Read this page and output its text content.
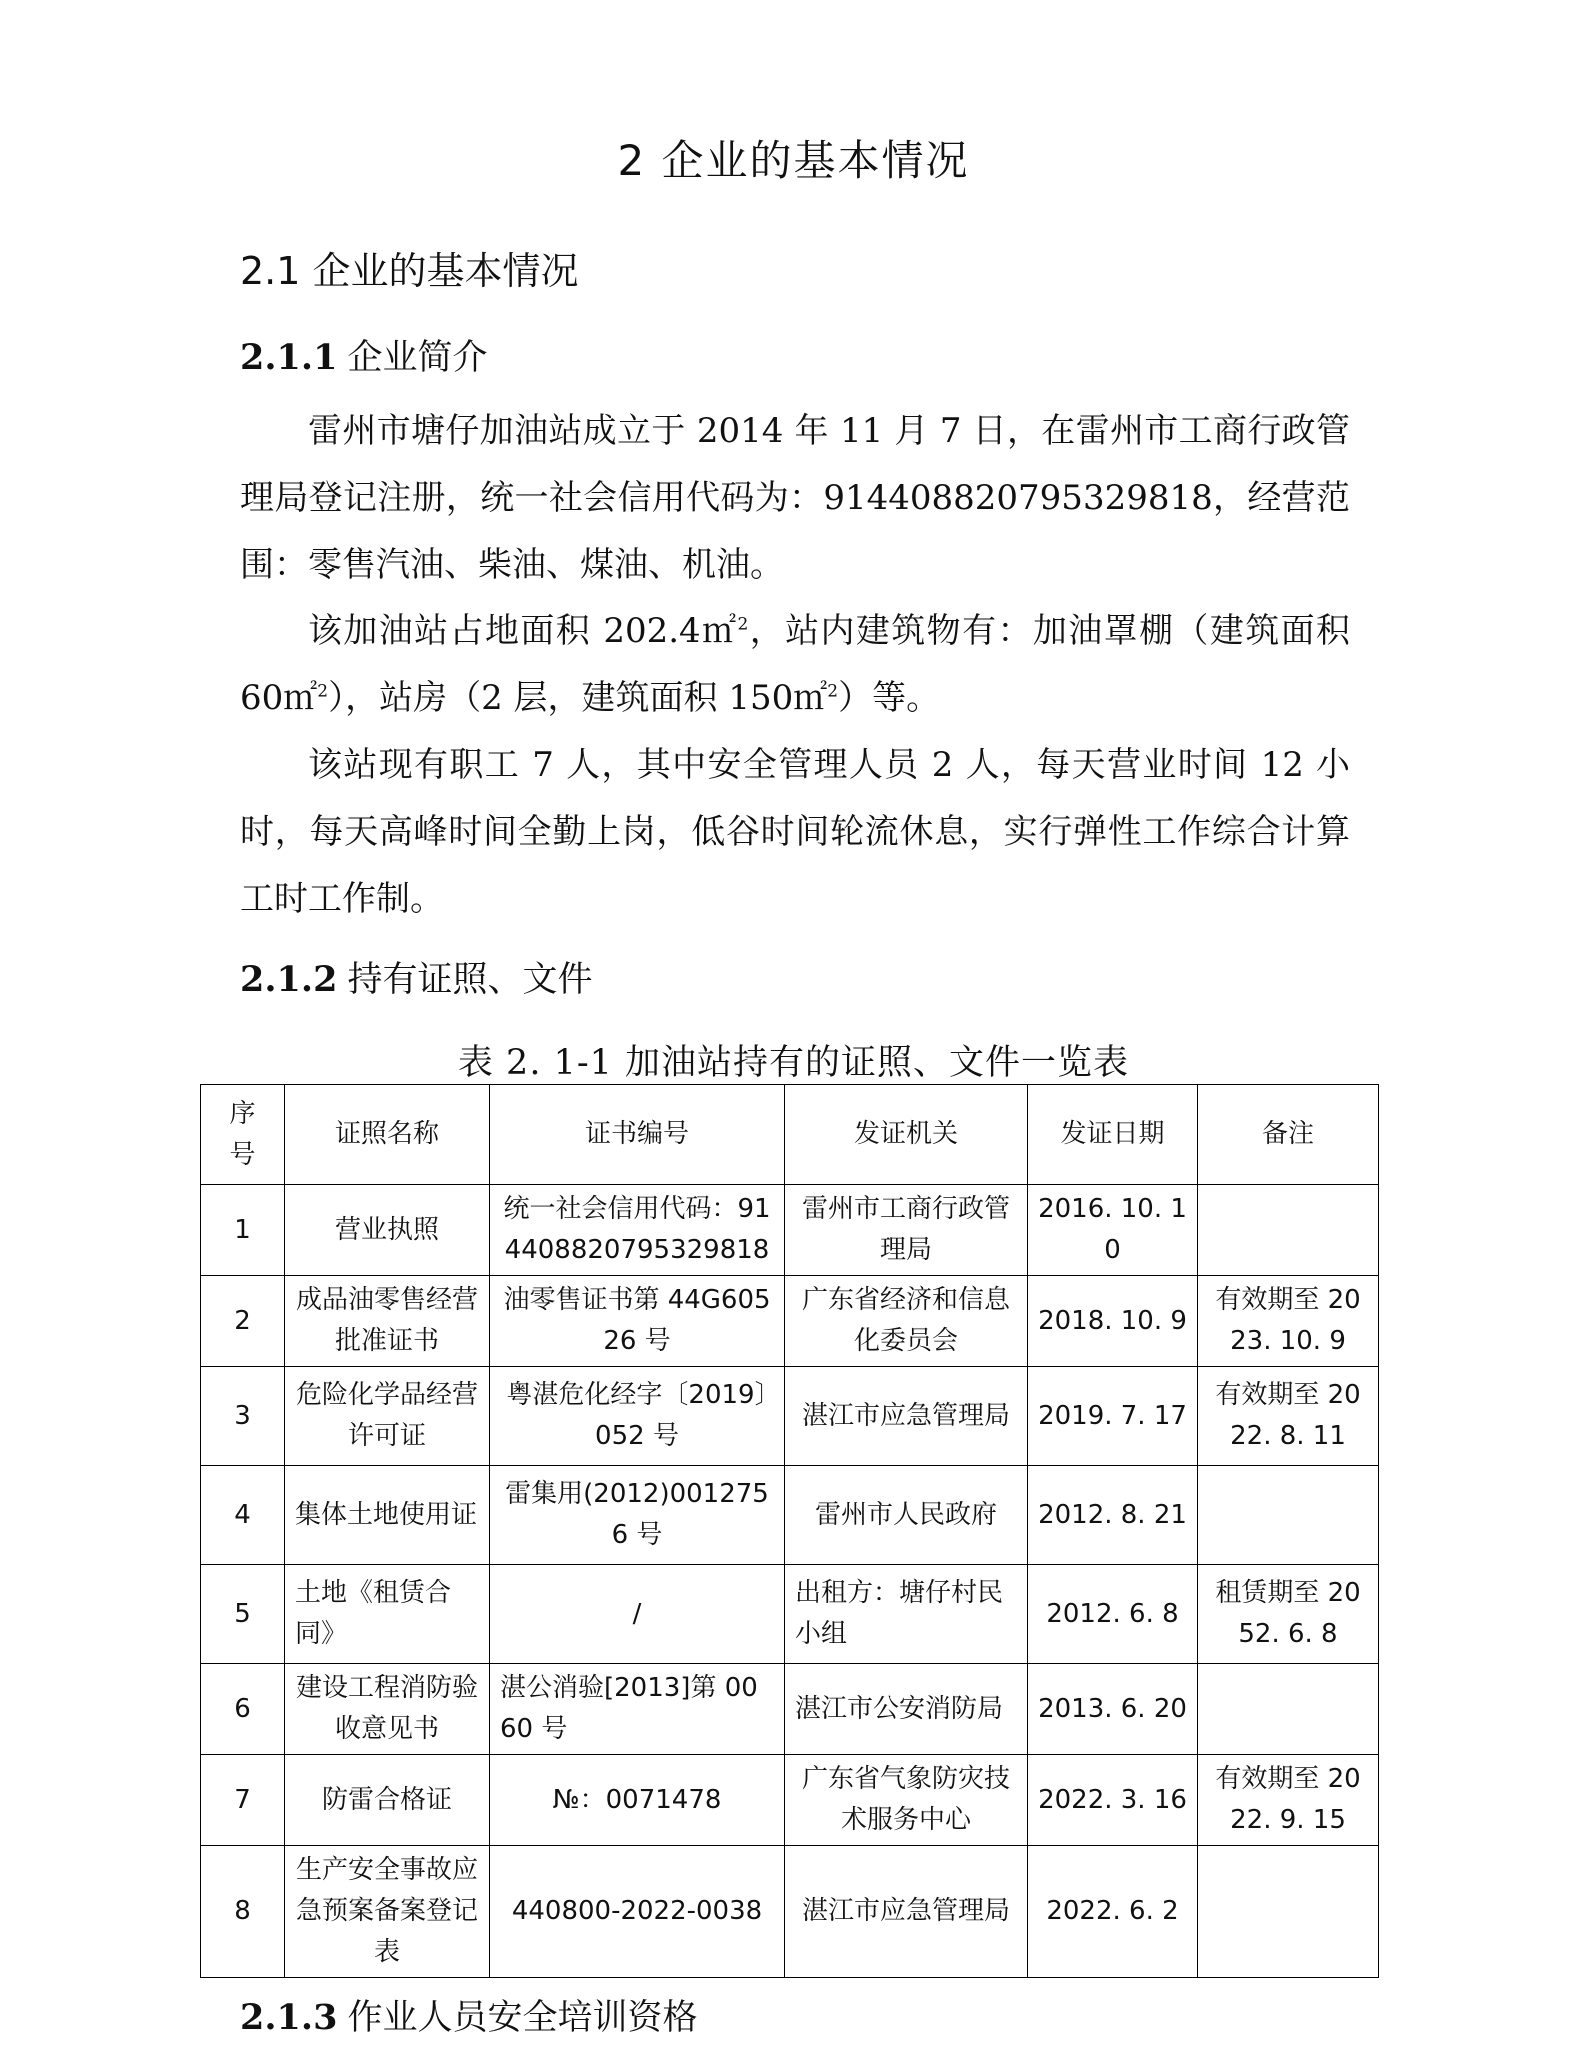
2 企业的基本情况
2.1 企业的基本情况
2.1.1 企业简介

雷州市塘仔加油站成立于 2014 年 11 月 7 日，在雷州市工商行政管理局登记注册，统一社会信用代码为：914408820795329818，经营范围：零售汽油、柴油、煤油、机油。

该加油站占地面积 202.4㎡$^2$，站内建筑物有：加油罩棚（建筑面积 60㎡$^2$），站房（2 层，建筑面积 150㎡$^2$）等。

该站现有职工 7 人，其中安全管理人员 2 人，每天营业时间 12 小时，每天高峰时间全勤上岗，低谷时间轮流休息，实行弹性工作综合计算工时工作制。

2.1.2 持有证照、文件
表 2. 1-1 加油站持有的证照、文件一览表
序号	证照名称	证书编号	发证机关	发证日期	备注
1	营业执照	统一社会信用代码：914408820795329818	雷州市工商行政管理局	2016. 10. 10	
2	成品油零售经营批准证书	油零售证书第 44G60526 号	广东省经济和信息化委员会	2018. 10. 9	有效期至 2023. 10. 9
3	危险化学品经营许可证	粤湛危化经字〔2019〕052 号	湛江市应急管理局	2019. 7. 17	有效期至 2022. 8. 11
4	集体土地使用证	雷集用(2012)0012756 号	雷州市人民政府	2012. 8. 21	
5	土地《租赁合同》	/	出租方：塘仔村民小组	2012. 6. 8	租赁期至 2052. 6. 8
6	建设工程消防验收意见书	湛公消验[2013]第 0060 号	湛江市公安消防局	2013. 6. 20	
7	防雷合格证	№：0071478	广东省气象防灾技术服务中心	2022. 3. 16	有效期至 2022. 9. 15
8	生产安全事故应急预案备案登记表	440800-2022-0038	湛江市应急管理局	2022. 6. 2	
2.1.3 作业人员安全培训资格
